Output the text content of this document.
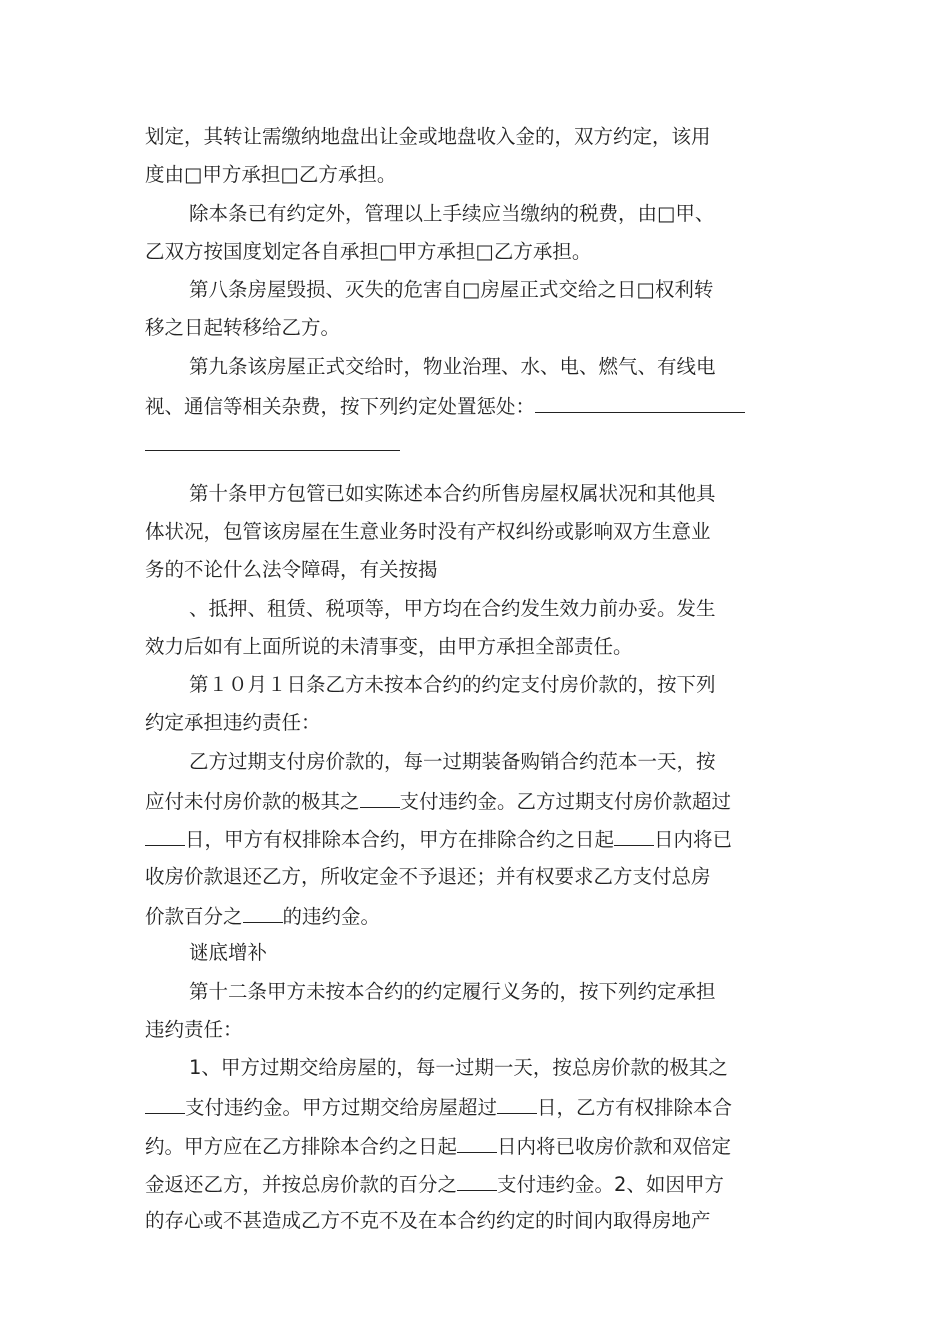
划定，其转让需缴纳地盘出让金或地盘收入金的，双方约定，该用
度由□甲方承担□乙方承担。
除本条已有约定外，管理以上手续应当缴纳的税费，由□甲、
乙双方按国度划定各自承担□甲方承担□乙方承担。
第八条房屋毁损、灭失的危害自□房屋正式交给之日□权利转
移之日起转移给乙方。
第九条该房屋正式交给时，物业治理、水、电、燃气、有线电
视、通信等相关杂费，按下列约定处置惩处：
第十条甲方包管已如实陈述本合约所售房屋权属状况和其他具
体状况，包管该房屋在生意业务时没有产权纠纷或影响双方生意业
务的不论什么法令障碍，有关按揭
、抵押、租赁、税项等，甲方均在合约发生效力前办妥。发生
效力后如有上面所说的未清事变，由甲方承担全部责任。
第１０月１日条乙方未按本合约的约定支付房价款的，按下列
约定承担违约责任：
乙方过期支付房价款的，每一过期装备购销合约范本一天，按
应付未付房价款的极其之 支付违约金。乙方过期支付房价款超过
日，甲方有权排除本合约，甲方在排除合约之日起 日内将已
收房价款退还乙方，所收定金不予退还；并有权要求乙方支付总房
价款百分之 的违约金。
谜底增补
第十二条甲方未按本合约的约定履行义务的，按下列约定承担
违约责任：
1、甲方过期交给房屋的，每一过期一天，按总房价款的极其之
支付违约金。甲方过期交给房屋超过 日，乙方有权排除本合
约。甲方应在乙方排除本合约之日起 日内将已收房价款和双倍定
金返还乙方，并按总房价款的百分之 支付违约金。2、如因甲方
的存心或不甚造成乙方不克不及在本合约约定的时间内取得房地产
